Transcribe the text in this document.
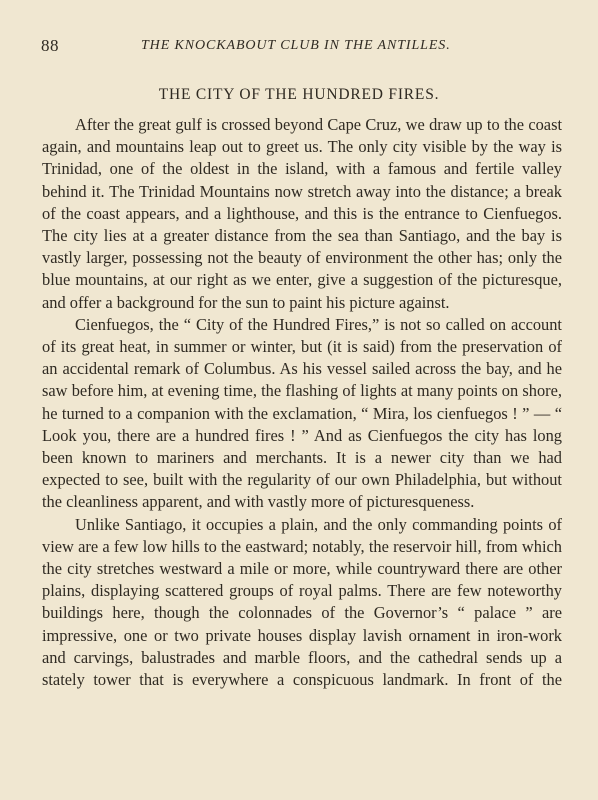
88	THE KNOCKABOUT CLUB IN THE ANTILLES.
THE CITY OF THE HUNDRED FIRES.

After the great gulf is crossed beyond Cape Cruz, we draw up to the coast again, and mountains leap out to greet us. The only city visible by the way is Trinidad, one of the oldest in the island, with a famous and fertile valley behind it. The Trinidad Mountains now stretch away into the distance; a break of the coast appears, and a lighthouse, and this is the entrance to Cienfuegos. The city lies at a greater distance from the sea than Santiago, and the bay is vastly larger, possessing not the beauty of environment the other has; only the blue mountains, at our right as we enter, give a suggestion of the picturesque, and offer a background for the sun to paint his picture against.

Cienfuegos, the “ City of the Hundred Fires,” is not so called on account of its great heat, in summer or winter, but (it is said) from the preservation of an accidental remark of Columbus. As his vessel sailed across the bay, and he saw before him, at evening time, the flashing of lights at many points on shore, he turned to a companion with the exclamation, “ Mira, los cienfuegos ! ” — “ Look you, there are a hundred fires ! ” And as Cienfuegos the city has long been known to mariners and merchants. It is a newer city than we had expected to see, built with the regularity of our own Philadelphia, but without the cleanliness apparent, and with vastly more of picturesqueness.

Unlike Santiago, it occupies a plain, and the only commanding points of view are a few low hills to the eastward; notably, the reservoir hill, from which the city stretches westward a mile or more, while countryward there are other plains, displaying scattered groups of royal palms. There are few noteworthy buildings here, though the colonnades of the Governor’s “ palace ” are impressive, one or two private houses display lavish ornament in iron-work and carvings, balustrades and marble floors, and the cathedral sends up a stately tower that is everywhere a conspicuous landmark. In front of the
